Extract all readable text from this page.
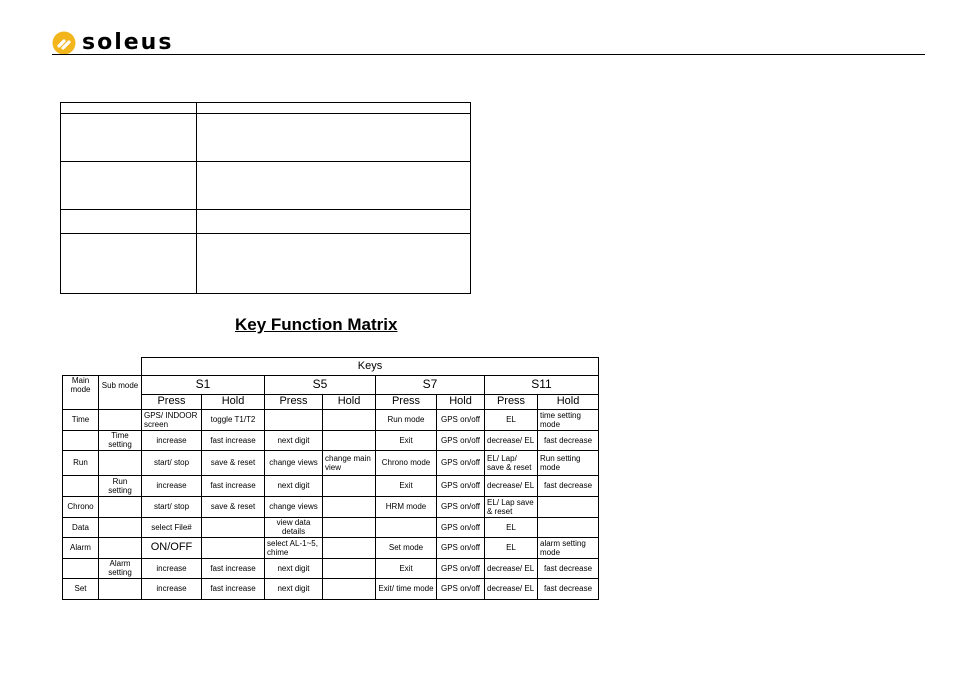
soleus

Key Function Matrix
		Keys							
Main mode	Sub mode	S1		S5		S7		S11	
		Press	Hold	Press	Hold	Press	Hold	Press	Hold
Time		GPS/ INDOOR screen	toggle T1/T2			Run mode	GPS on/off	EL	time setting mode
	Time setting	increase	fast increase	next digit		Exit	GPS on/off	decrease/ EL	fast decrease
Run		start/ stop	save & reset	change views	change main view	Chrono mode	GPS on/off	EL/ Lap/ save & reset	Run setting mode
	Run setting	increase	fast increase	next digit		Exit	GPS on/off	decrease/ EL	fast decrease
Chrono		start/ stop	save & reset	change views		HRM mode	GPS on/off	EL/ Lap save & reset	
Data		select File#		view data details			GPS on/off	EL	
Alarm		ON/OFF		select AL-1~5, chime		Set mode	GPS on/off	EL	alarm setting mode
	Alarm setting	increase	fast increase	next digit		Exit	GPS on/off	decrease/ EL	fast decrease
Set		increase	fast increase	next digit		Exit/ time mode	GPS on/off	decrease/ EL	fast decrease
